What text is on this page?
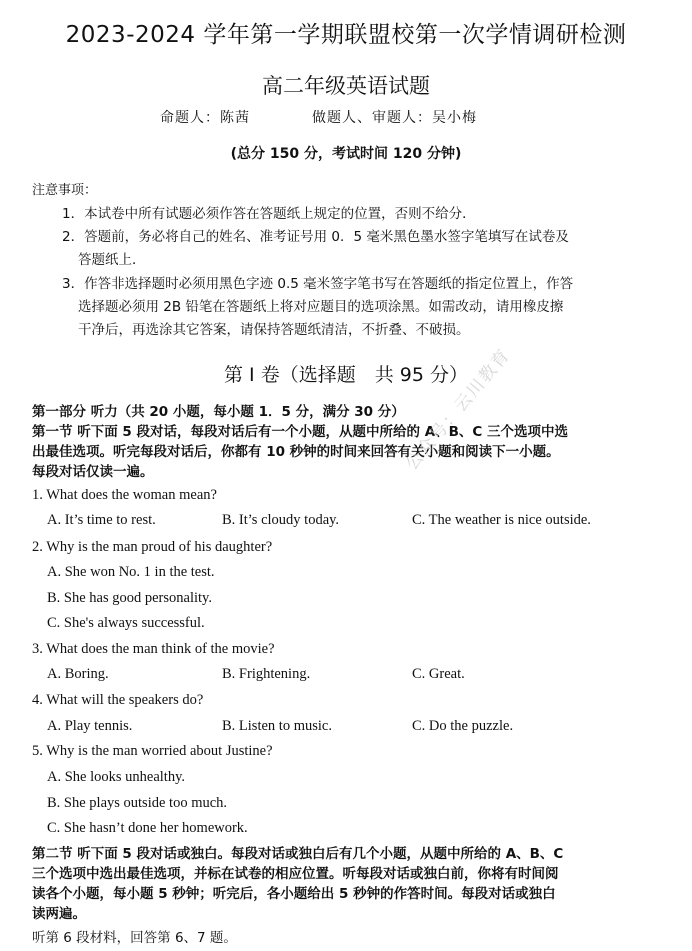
2023-2024 学年第一学期联盟校第一次学情调研检测
高二年级英语试题
命题人：陈茜	做题人、审题人：吴小梅
(总分 150 分，考试时间 120 分钟)
注意事项：
1．本试卷中所有试题必须作答在答题纸上规定的位置，否则不给分．
2．答题前，务必将自己的姓名、准考证号用 0．5 毫米黑色墨水签字笔填写在试卷及
答题纸上．
3．作答非选择题时必须用黑色字迹 0.5 毫米签字笔书写在答题纸的指定位置上，作答
选择题必须用 2B 铅笔在答题纸上将对应题目的选项涂黑。如需改动，请用橡皮擦
干净后，再选涂其它答案，请保持答题纸清洁，不折叠、不破损。
第 I 卷（选择题　共 95 分）
第一部分 听力（共 20 小题，每小题 1．5 分，满分 30 分）
第一节 听下面 5 段对话，每段对话后有一个小题，从题中所给的 A、B、C 三个选项中选
出最佳选项。听完每段对话后，你都有 10 秒钟的时间来回答有关小题和阅读下一小题。
每段对话仅读一遍。
1. What does the woman mean?
A. It’s time to rest.	B. It’s cloudy today.	C. The weather is nice outside.
2. Why is the man proud of his daughter?
A. She won No. 1 in the test.
B. She has good personality.
C. She's always successful.
3. What does the man think of the movie?
A. Boring.	B. Frightening.	C. Great.
4. What will the speakers do?
A. Play tennis.	B. Listen to music.	C. Do the puzzle.
5. Why is the man worried about Justine?
A. She looks unhealthy.
B. She plays outside too much.
C. She hasn’t done her homework.
第二节 听下面 5 段对话或独白。每段对话或独白后有几个小题，从题中所给的 A、B、C
三个选项中选出最佳选项，并标在试卷的相应位置。听每段对话或独白前，你将有时间阅
读各个小题，每小题 5 秒钟；听完后，各小题给出 5 秒钟的作答时间。每段对话或独白
读两遍。
听第 6 段材料，回答第 6、7 题。
公众号：云川教育
